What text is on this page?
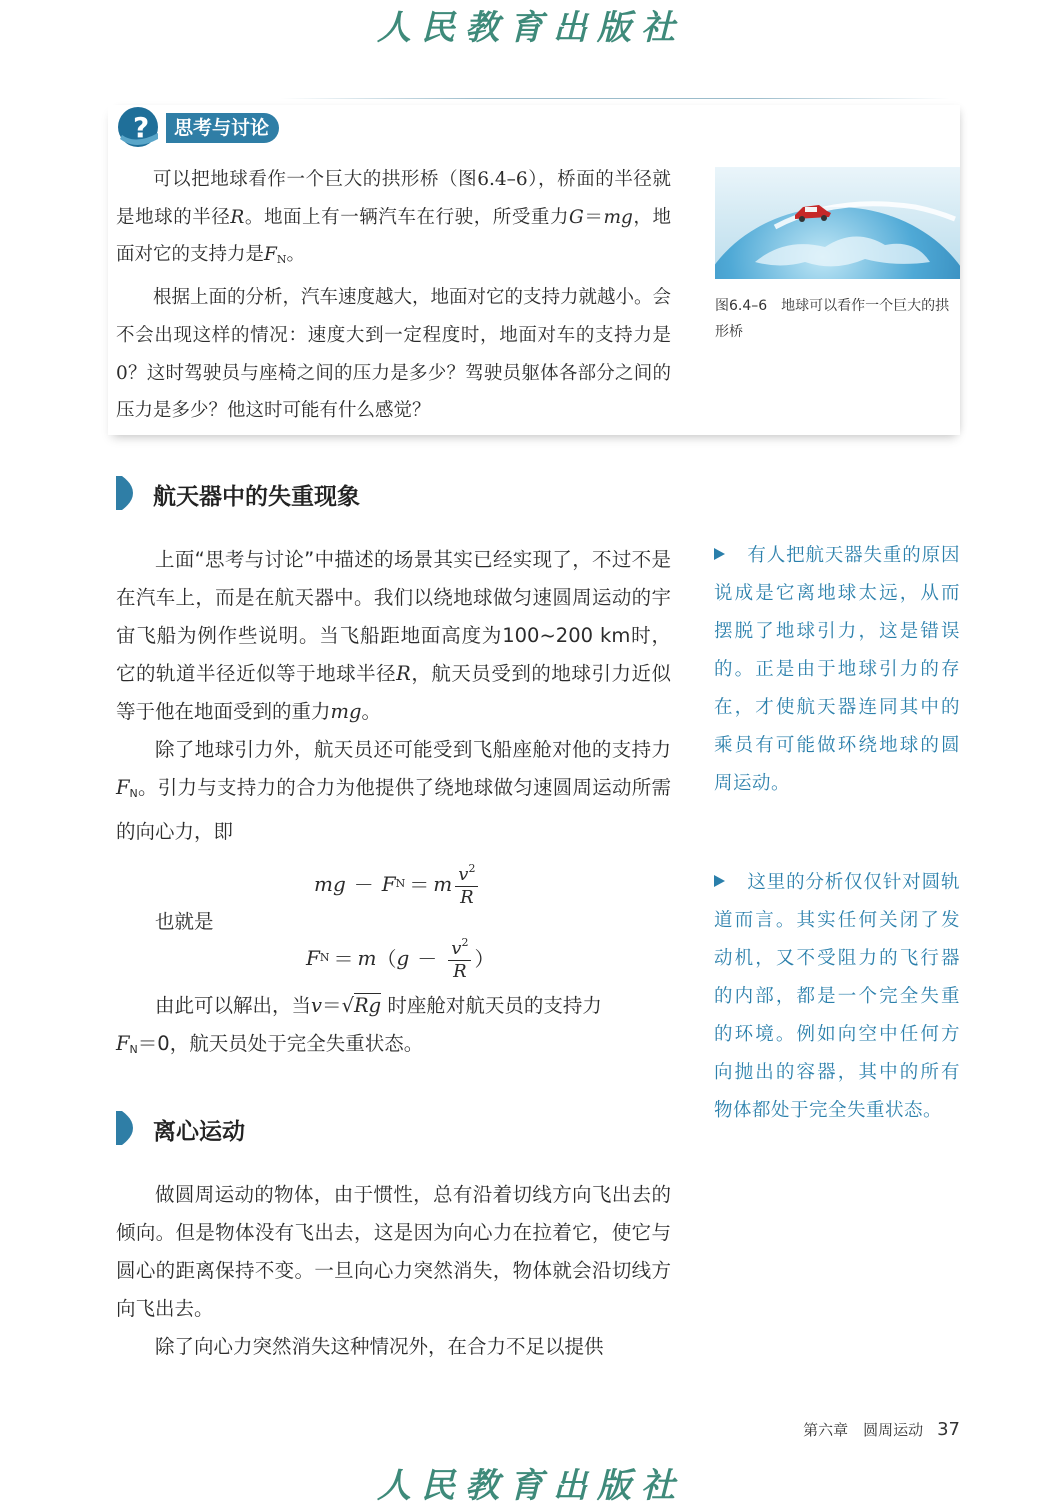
人民教育出版社
?	思考与讨论

可以把地球看作一个巨大的拱形桥（图6.4–6），桥面的半径就是地球的半径R。地面上有一辆汽车在行驶，所受重力G＝mg，地面对它的支持力是$F_N$。

根据上面的分析，汽车速度越大，地面对它的支持力就越小。会不会出现这样的情况：速度大到一定程度时，地面对车的支持力是0？这时驾驶员与座椅之间的压力是多少？驾驶员躯体各部分之间的压力是多少？他这时可能有什么感觉？

图6.4–6　地球可以看作一个巨大的拱形桥
航天器中的失重现象

上面“思考与讨论”中描述的场景其实已经实现了，不过不是在汽车上，而是在航天器中。我们以绕地球做匀速圆周运动的宇宙飞船为例作些说明。当飞船距地面高度为100~200 km时，它的轨道半径近似等于地球半径R，航天员受到的地球引力近似等于他在地面受到的重力mg。

除了地球引力外，航天员还可能受到飞船座舱对他的支持力$F_N$。引力与支持力的合力为他提供了绕地球做匀速圆周运动所需的向心力，即

m g － F N ＝ m $\frac{v^2}{R}$

也就是

F N ＝ m （ $g - \frac{v^2}{R}$ ）

由此可以解出，当v＝√Rg 时座舱对航天员的支持力

$F_N=0$，航天员处于完全失重状态。

离心运动

做圆周运动的物体，由于惯性，总有沿着切线方向飞出去的倾向。但是物体没有飞出去，这是因为向心力在拉着它，使它与圆心的距离保持不变。一旦向心力突然消失，物体就会沿切线方向飞出去。

除了向心力突然消失这种情况外，在合力不足以提供

有人把航天器失重的原因说成是它离地球太远，从而摆脱了地球引力，这是错误的。正是由于地球引力的存在，才使航天器连同其中的乘员有可能做环绕地球的圆周运动。
这里的分析仅仅针对圆轨道而言。其实任何关闭了发动机，又不受阻力的飞行器的内部，都是一个完全失重的环境。例如向空中任何方向抛出的容器，其中的所有物体都处于完全失重状态。
第六章　圆周运动 37
人民教育出版社
